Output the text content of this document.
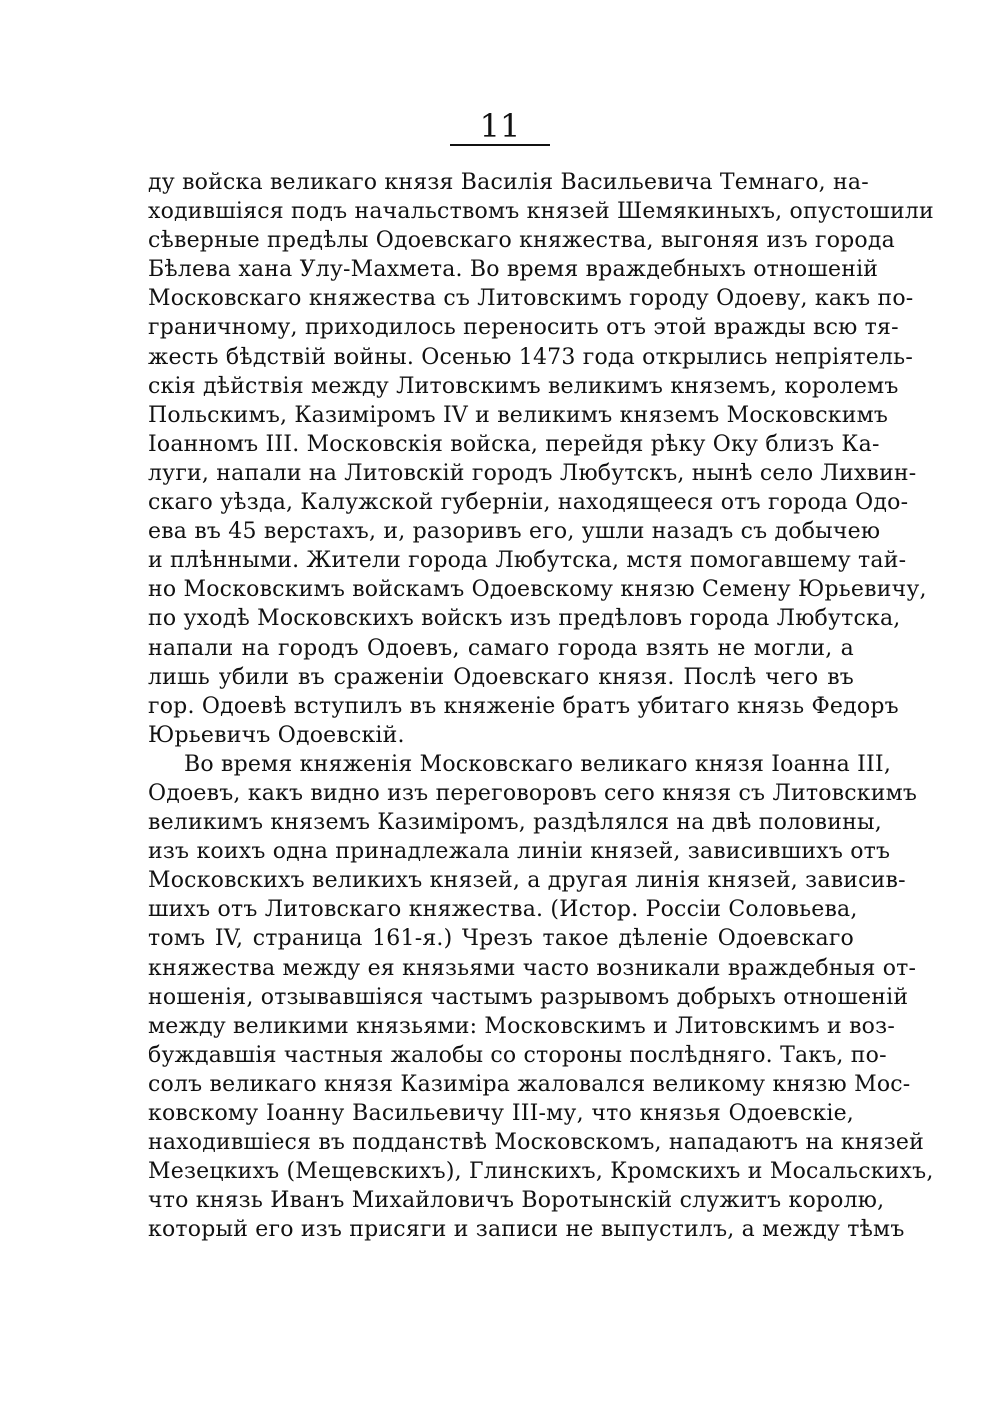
11
ду войска великаго князя Василія Васильевича Темнаго, на-
ходившіяся подъ начальствомъ князей Шемякиныхъ, опустошили
сѣверные предѣлы Одоевскаго княжества, выгоняя изъ города
Бѣлева хана Улу-Махмета. Во время враждебныхъ отношеній
Московскаго княжества съ Литовскимъ городу Одоеву, какъ по-
граничному, приходилось переносить отъ этой вражды всю тя-
жесть бѣдствій войны. Осенью 1473 года открылись непріятель-
скія дѣйствія между Литовскимъ великимъ княземъ, королемъ
Польскимъ, Казиміромъ IV и великимъ княземъ Московскимъ
Іоанномъ III. Московскія войска, перейдя рѣку Оку близъ Ка-
луги, напали на Литовскій городъ Любутскъ, нынѣ село Лихвин-
скаго уѣзда, Калужской губерніи, находящееся отъ города Одо-
ева въ 45 верстахъ, и, разоривъ его, ушли назадъ съ добычею
и плѣнными. Жители города Любутска, мстя помогавшему тай-
но Московскимъ войскамъ Одоевскому князю Семену Юрьевичу,
по уходѣ Московскихъ войскъ изъ предѣловъ города Любутска,
напали на городъ Одоевъ, самаго города взять не могли, а
лишь убили въ сраженіи Одоевскаго князя. Послѣ чего въ
гор. Одоевѣ вступилъ въ княженіе братъ убитаго князь Федоръ
Юрьевичъ Одоевскій.
Во время княженія Московскаго великаго князя Іоанна III,
Одоевъ, какъ видно изъ переговоровъ сего князя съ Литовскимъ
великимъ княземъ Казиміромъ, раздѣлялся на двѣ половины,
изъ коихъ одна принадлежала линіи князей, зависившихъ отъ
Московскихъ великихъ князей, а другая линія князей, зависив-
шихъ отъ Литовскаго княжества. (Истор. Россіи Соловьева,
томъ IV, страница 161-я.) Чрезъ такое дѣленіе Одоевскаго
княжества между ея князьями часто возникали враждебныя от-
ношенія, отзывавшіяся частымъ разрывомъ добрыхъ отношеній
между великими князьями: Московскимъ и Литовскимъ и воз-
буждавшія частныя жалобы со стороны послѣдняго. Такъ, по-
солъ великаго князя Казиміра жаловался великому князю Мос-
ковскому Іоанну Васильевичу III-му, что князья Одоевскіе,
находившіеся въ подданствѣ Московскомъ, нападаютъ на князей
Мезецкихъ (Мещевскихъ), Глинскихъ, Кромскихъ и Мосальскихъ,
что князь Иванъ Михайловичъ Воротынскій служитъ королю,
который его изъ присяги и записи не выпустилъ, а между тѣмъ
